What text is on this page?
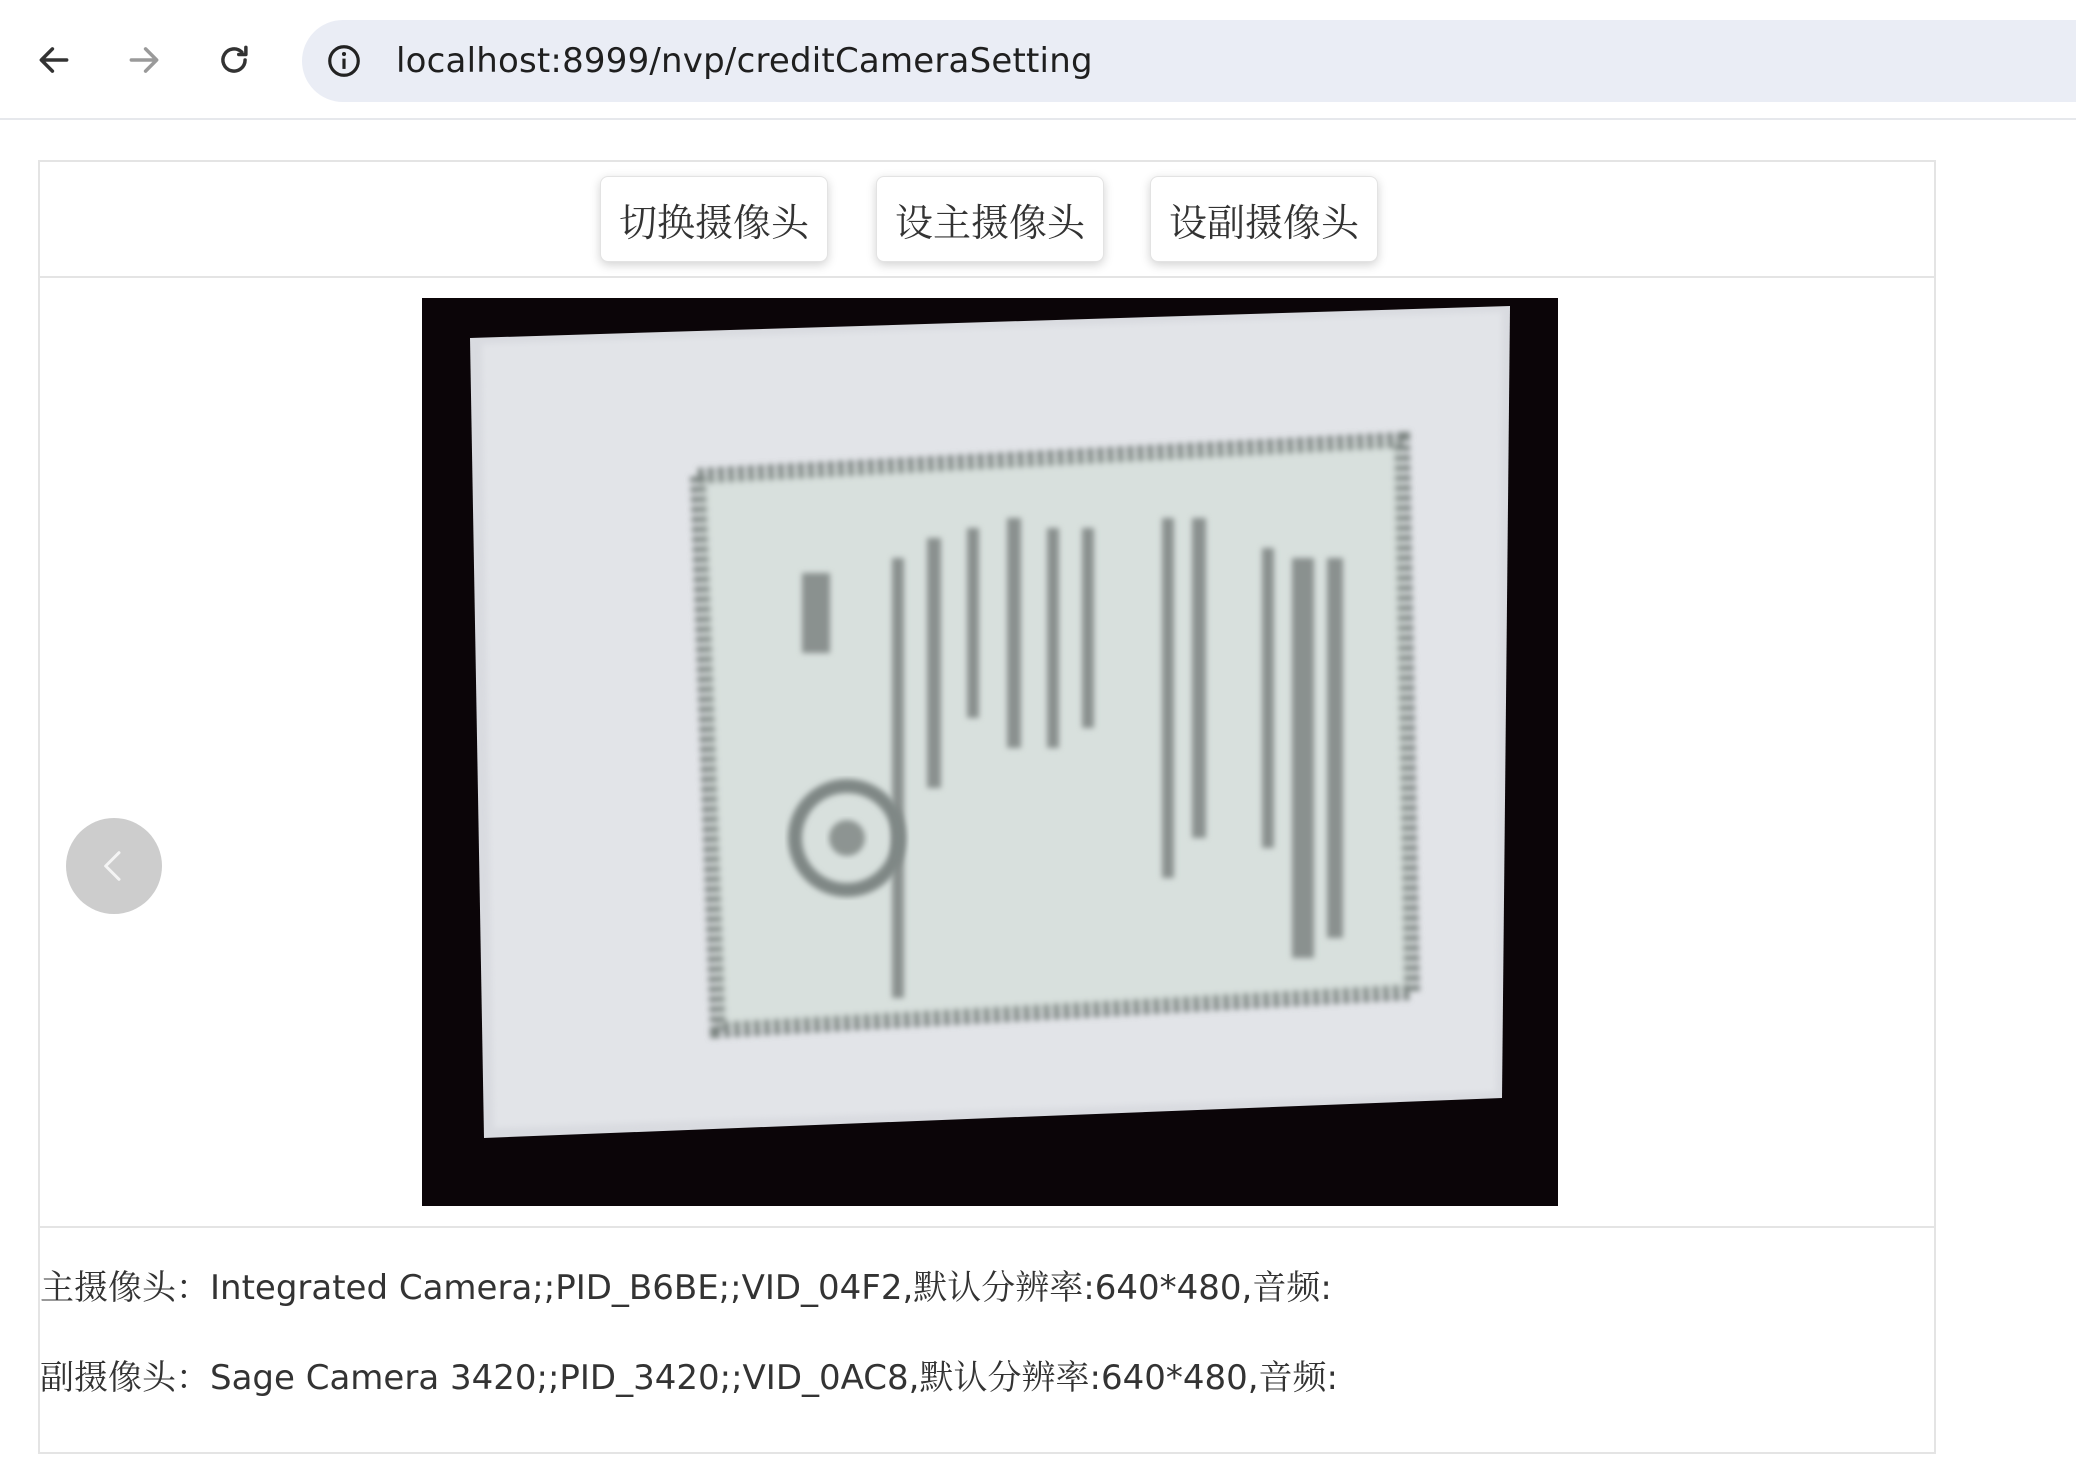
localhost:8999/nvp/creditCameraSetting
切换摄像头	设主摄像头	设副摄像头
主摄像头：Integrated Camera;;PID_B6BE;;VID_04F2,默认分辨率:640*480,音频:
副摄像头：Sage Camera 3420;;PID_3420;;VID_0AC8,默认分辨率:640*480,音频:
